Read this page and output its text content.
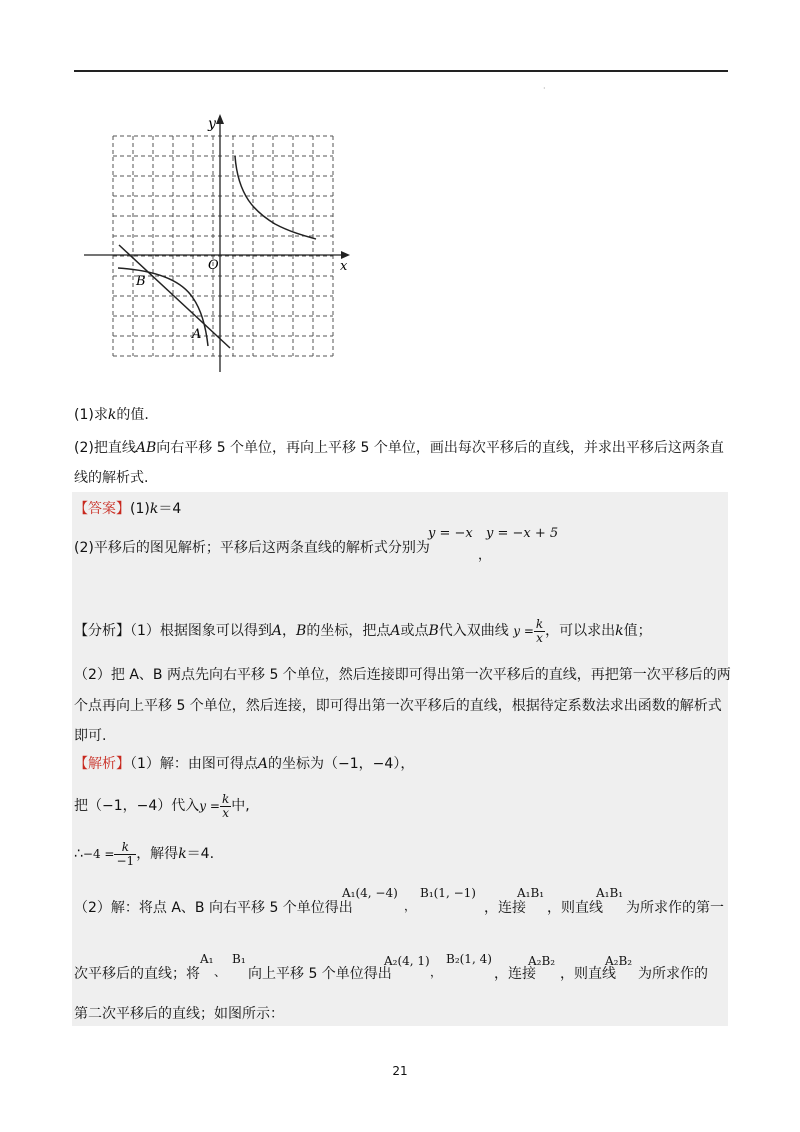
·
y
x
O
B
A
(1)求k的值.
(2)把直线AB向右平移 5 个单位，再向上平移 5 个单位，画出每次平移后的直线，并求出平移后这两条直
线的解析式.
【答案】(1)k＝4
(2)平移后的图见解析；平移后这两条直线的解析式分别为
y = −x
，
y = −x + 5
【分析】（1）根据图象可以得到A，B的坐标，把点A或点B代入双曲线 $y = \frac{k}{x}$ ，可以求出k值；
（2）把 A、B 两点先向右平移 5 个单位，然后连接即可得出第一次平移后的直线，再把第一次平移后的两
个点再向上平移 5 个单位，然后连接，即可得出第一次平移后的直线，根据待定系数法求出函数的解析式
即可.
【解析】（1）解：由图可得点A的坐标为（−1，−4），
把（−1，−4）代入$y = \frac{k}{x}$ 中,
∴−4 = $\frac{k}{-1}$ ，解得k＝4.
（2）解：将点 A、B 向右平移 5 个单位得出
A₁(4, −4)
，
B₁(1, −1)
，连接
A₁B₁
，则直线
A₁B₁
为所求作的第一
次平移后的直线；将
A₁
、
B₁
向上平移 5 个单位得出
A₂(4, 1)
，
B₂(1, 4)
，连接
A₂B₂
，则直线
A₂B₂
为所求作的
第二次平移后的直线；如图所示：
21
